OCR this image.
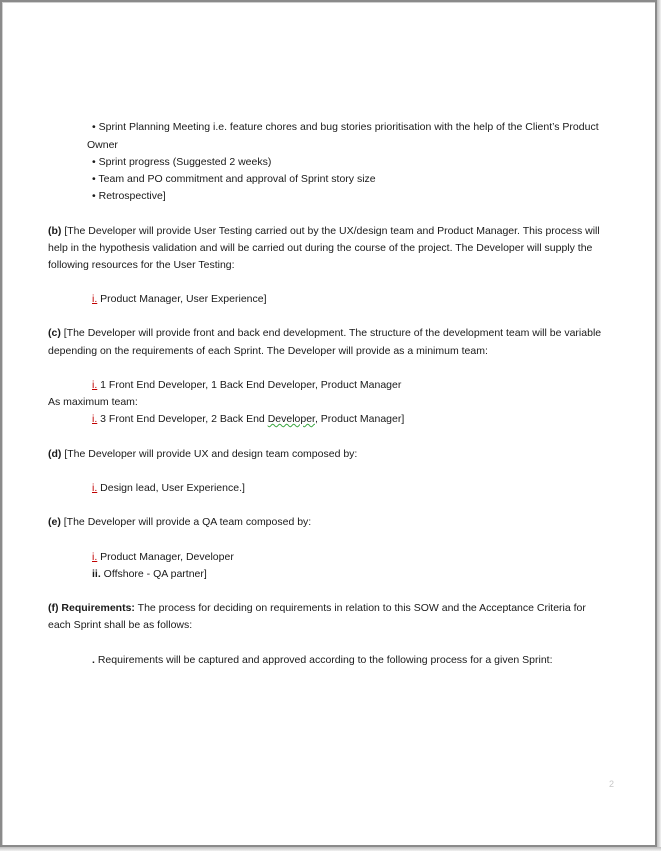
• Sprint Planning Meeting i.e. feature chores and bug stories prioritisation with the help of the Client’s Product
Owner
• Sprint progress (Suggested 2 weeks)
• Team and PO commitment and approval of Sprint story size
• Retrospective]
(b) [The Developer will provide User Testing carried out by the UX/design team and Product Manager. This process will
help in the hypothesis validation and will be carried out during the course of the project. The Developer will supply the
following resources for the User Testing:
i. Product Manager, User Experience]
(c) [The Developer will provide front and back end development. The structure of the development team will be variable
depending on the requirements of each Sprint. The Developer will provide as a minimum team:
i. 1 Front End Developer, 1 Back End Developer, Product Manager
As maximum team:
i. 3 Front End Developer, 2 Back End Developer, Product Manager]
(d) [The Developer will provide UX and design team composed by:
i. Design lead, User Experience.]
(e) [The Developer will provide a QA team composed by:
i. Product Manager, Developer
ii. Offshore - QA partner]
(f) Requirements: The process for deciding on requirements in relation to this SOW and the Acceptance Criteria for
each Sprint shall be as follows:
. Requirements will be captured and approved according to the following process for a given Sprint:
2
